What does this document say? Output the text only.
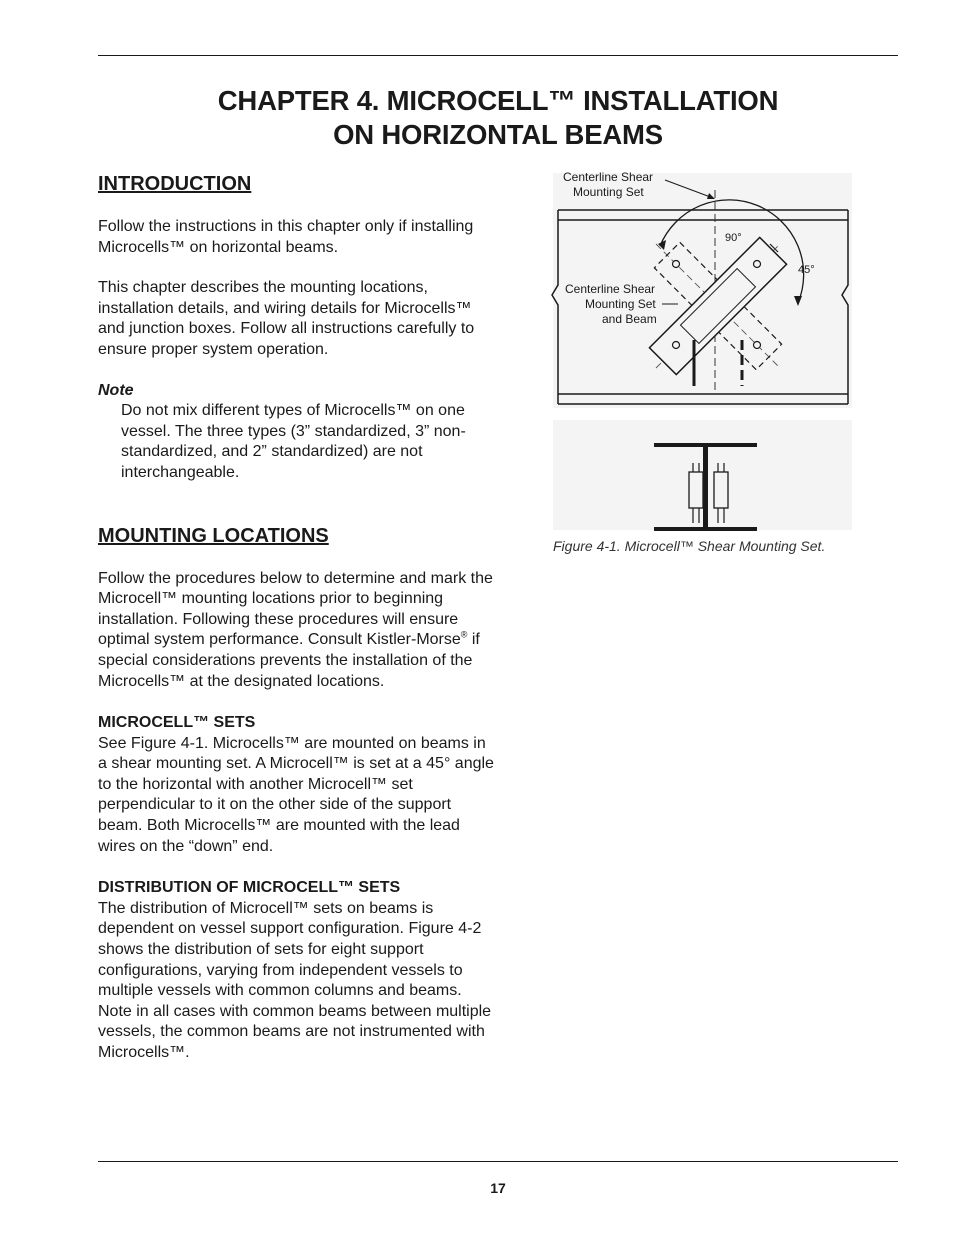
CHAPTER 4. MICROCELL™ INSTALLATION
ON HORIZONTAL BEAMS

INTRODUCTION

Follow the instructions in this chapter only if installing Microcells™ on horizontal beams.

This chapter describes the mounting locations, installation details, and wiring details for Microcells™ and junction boxes. Follow all instructions carefully to ensure proper system operation.

Note

Do not mix different types of Microcells™ on one vessel. The three types (3” standardized, 3” non-standardized, and 2” standardized) are not interchangeable.

MOUNTING LOCATIONS

Follow the procedures below to determine and mark the Microcell™ mounting locations prior to beginning installation. Following these procedures will ensure optimal system performance. Consult Kistler-Morse® if special considerations prevents the installation of the Microcells™ at the designated locations.

MICROCELL™ SETS

See Figure 4-1. Microcells™ are mounted on beams in a shear mounting set. A Microcell™ is set at a 45° angle to the horizontal with another Microcell™ set perpendicular to it on the other side of the support beam. Both Microcells™ are mounted with the lead wires on the “down” end.

DISTRIBUTION OF MICROCELL™ SETS

The distribution of Microcell™ sets on beams is dependent on vessel support configuration. Figure 4-2 shows the distribution of sets for eight support configurations, varying from independent vessels to multiple vessels with common columns and beams. Note in all cases with common beams between multiple vessels, the common beams are not instrumented with Microcells™.

Centerline Shear
Mounting Set
Centerline Shear
Mounting Set
and Beam
90°
45°
Figure 4-1. Microcell™ Shear Mounting Set.
17
